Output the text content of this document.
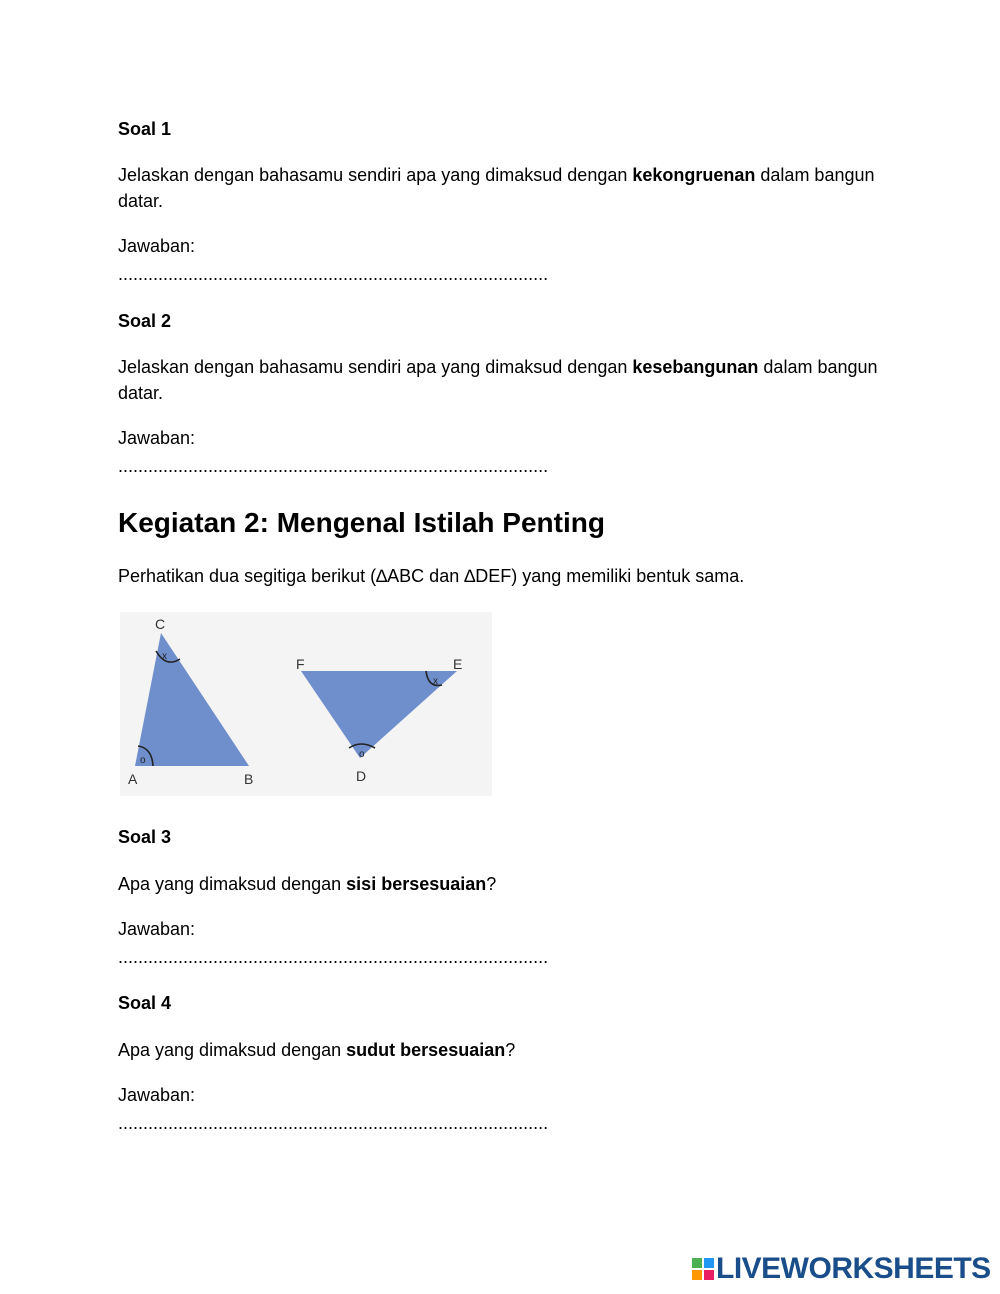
Soal 1
Jelaskan dengan bahasamu sendiri apa yang dimaksud dengan kekongruenan dalam bangun datar.
Jawaban:
......................................................................................
Soal 2
Jelaskan dengan bahasamu sendiri apa yang dimaksud dengan kesebangunan dalam bangun datar.
Jawaban:
......................................................................................
Kegiatan 2: Mengenal Istilah Penting
Perhatikan dua segitiga berikut (∆ABC dan ∆DEF) yang memiliki bentuk sama.
Soal 3
Apa yang dimaksud dengan sisi bersesuaian?
Jawaban:
......................................................................................
Soal 4
Apa yang dimaksud dengan sudut bersesuaian?
Jawaban:
......................................................................................
C
A	B
F	E
D
x
o
x
o
LIVEWORKSHEETS
